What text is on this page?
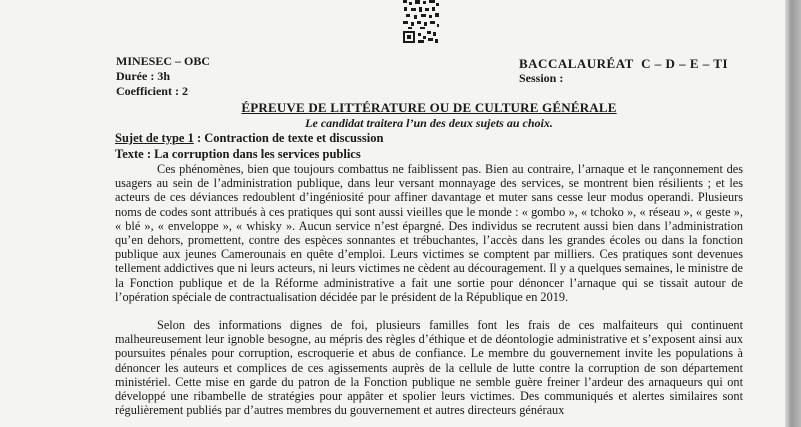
MINESEC – OBC
Durée : 3h
Coefficient : 2
BACCALAURÉAT  C – D – E – TI
Session :
ÉPREUVE DE LITTÉRATURE OU DE CULTURE GÉNÉRALE
Le candidat traitera l’un des deux sujets au choix.
Sujet de type 1 : Contraction de texte et discussion
Texte : La corruption dans les services publics

Ces phénomènes, bien que toujours combattus ne faiblissent pas. Bien au contraire, l’arnaque et le rançonnement des usagers au sein de l’administration publique, dans leur versant monnayage des services, se montrent bien résilients ; et les acteurs de ces déviances redoublent d’ingéniosité pour affiner davantage et muter sans cesse leur modus operandi. Plusieurs noms de codes sont attribués à ces pratiques qui sont aussi vieilles que le monde : « gombo », « tchoko », « réseau », « geste », « blé », « enveloppe », « whisky ». Aucun service n’est épargné. Des individus se recrutent aussi bien dans l’administration qu’en dehors, promettent, contre des espèces sonnantes et trébuchantes, l’accès dans les grandes écoles ou dans la fonction publique aux jeunes Camerounais en quête d’emploi. Leurs victimes se comptent par milliers. Ces pratiques sont devenues tellement addictives que ni leurs acteurs, ni leurs victimes ne cèdent au découragement. Il y a quelques semaines, le ministre de la Fonction publique et de la Réforme administrative a fait une sortie pour dénoncer l’arnaque qui se tissait autour de l’opération spéciale de contractualisation décidée par le président de la République en 2019.

Selon des informations dignes de foi, plusieurs familles font les frais de ces malfaiteurs qui continuent malheureusement leur ignoble besogne, au mépris des règles d’éthique et de déontologie administrative et s’exposent ainsi aux poursuites pénales pour corruption, escroquerie et abus de confiance. Le membre du gouvernement invite les populations à dénoncer les auteurs et complices de ces agissements auprès de la cellule de lutte contre la corruption de son département ministériel. Cette mise en garde du patron de la Fonction publique ne semble guère freiner l’ardeur des arnaqueurs qui ont développé une ribambelle de stratégies pour appâter et spolier leurs victimes. Des communiqués et alertes similaires sont régulièrement publiés par d’autres membres du gouvernement et autres directeurs généraux
